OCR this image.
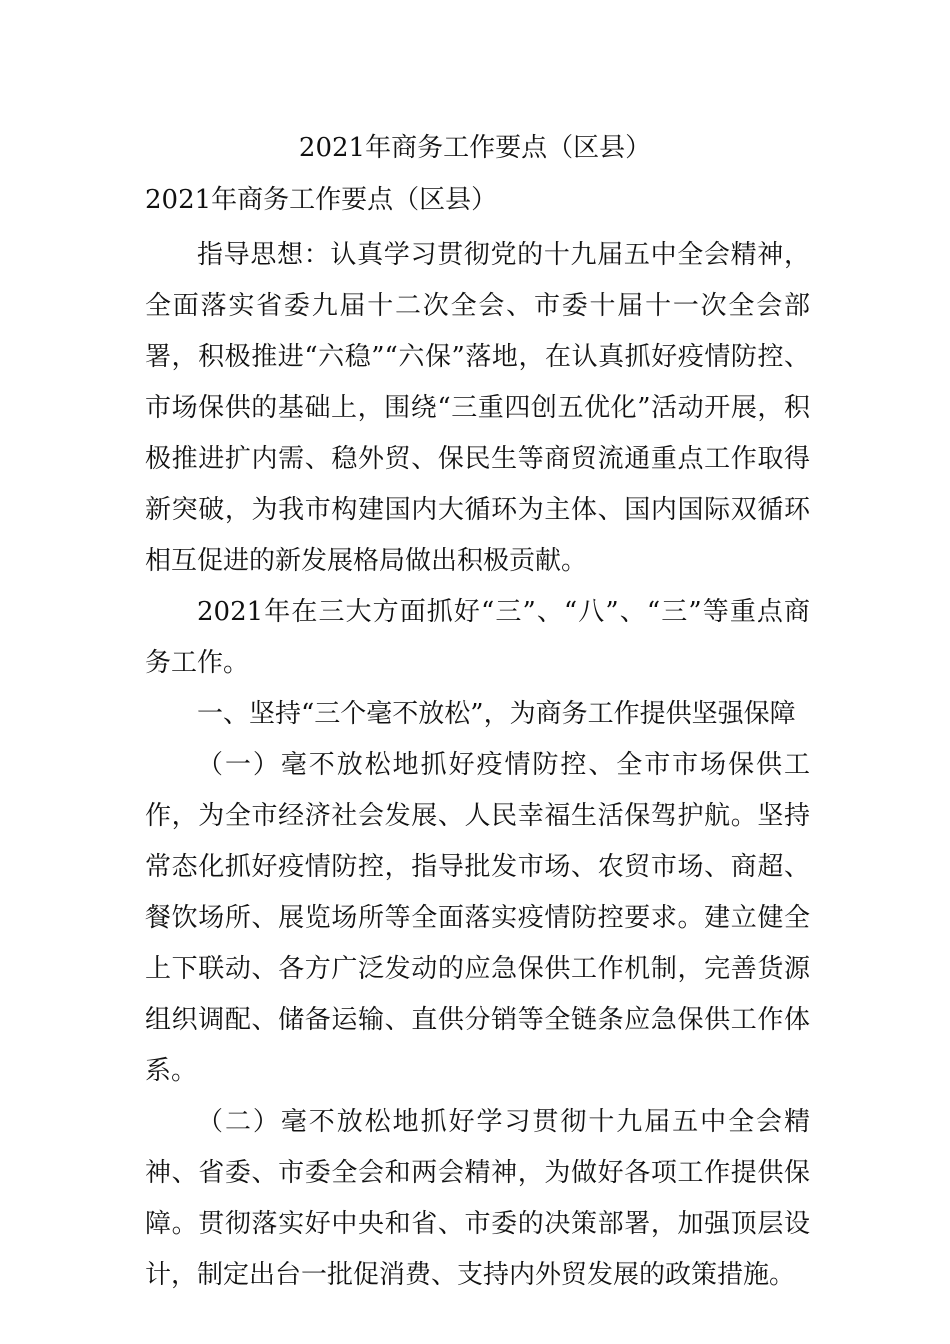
2021年商务工作要点（区县）
2021年商务工作要点（区县）

指导思想：认真学习贯彻党的十九届五中全会精神，全面落实省委九届十二次全会、市委十届十一次全会部署，积极推进“六稳”“六保”落地，在认真抓好疫情防控、市场保供的基础上，围绕“三重四创五优化”活动开展，积极推进扩内需、稳外贸、保民生等商贸流通重点工作取得新突破，为我市构建国内大循环为主体、国内国际双循环相互促进的新发展格局做出积极贡献。

2021年在三大方面抓好“三”、“八”、“三”等重点商务工作。

一、坚持“三个毫不放松”，为商务工作提供坚强保障

（一）毫不放松地抓好疫情防控、全市市场保供工作，为全市经济社会发展、人民幸福生活保驾护航。坚持常态化抓好疫情防控，指导批发市场、农贸市场、商超、餐饮场所、展览场所等全面落实疫情防控要求。建立健全上下联动、各方广泛发动的应急保供工作机制，完善货源组织调配、储备运输、直供分销等全链条应急保供工作体系。

（二）毫不放松地抓好学习贯彻十九届五中全会精神、省委、市委全会和两会精神，为做好各项工作提供保障。贯彻落实好中央和省、市委的决策部署，加强顶层设计，制定出台一批促消费、支持内外贸发展的政策措施。
